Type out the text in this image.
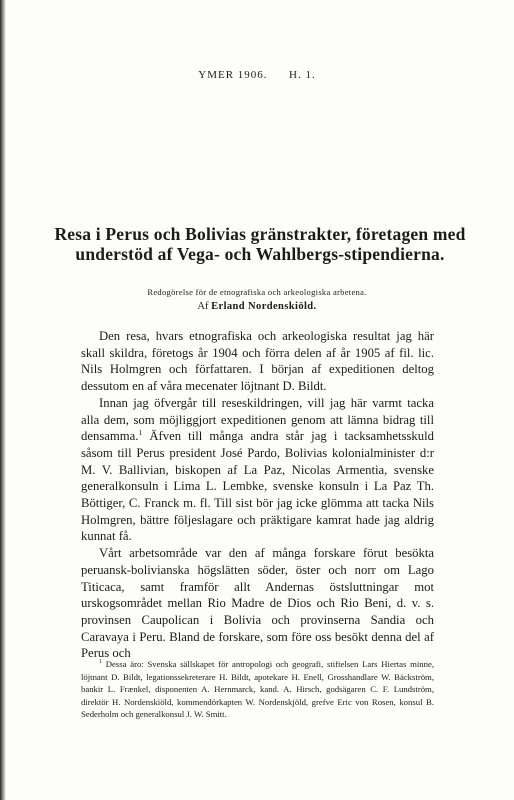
YMER 1906. H. 1.
Resa i Perus och Bolivias gränstrakter, företagen med understöd af Vega- och Wahlbergs-stipendierna.
Redogörelse för de etnografiska och arkeologiska arbetena.
Af Erland Nordenskiöld.

Den resa, hvars etnografiska och arkeologiska resultat jag här skall skildra, företogs år 1904 och förra delen af år 1905 af fil. lic. Nils Holmgren och författaren. I början af expeditionen deltog dessutom en af våra mecenater löjtnant D. Bildt.

Innan jag öfvergår till reseskildringen, vill jag här varmt tacka alla dem, som möjliggjort expeditionen genom att lämna bidrag till densamma.$^1$ Äfven till många andra står jag i tacksamhetsskuld såsom till Perus president José Pardo, Bolivias kolonialminister d:r M. V. Ballivian, biskopen af La Paz, Nicolas Armentia, svenske generalkonsuln i Lima L. Lembke, svenske konsuln i La Paz Th. Böttiger, C. Franck m. fl. Till sist bör jag icke glömma att tacka Nils Holmgren, bättre följeslagare och präktigare kamrat hade jag aldrig kunnat få.

Vårt arbetsområde var den af många forskare förut besökta peruansk-bolivianska högslätten söder, öster och norr om Lago Titicaca, samt framför allt Andernas östsluttningar mot urskogsområdet mellan Rio Madre de Dios och Rio Beni, d. v. s. provinsen Caupolican i Bolivia och provinserna Sandia och Caravaya i Peru. Bland de forskare, som före oss besökt denna del af Perus och

$^1$ Dessa äro: Svenska sällskapet för antropologi och geografi, stiftelsen Lars Hiertas minne, löjtnant D. Bildt, legationssekreterare H. Bildt, apotekare H. Enell, Grosshandlare W. Bäckström, bankir L. Frænkel, disponenten A. Hernmarck, kand. A. Hirsch, godsägaren C. F. Lundström, direktör H. Nordenskiöld, kommendörkapten W. Nordenskjöld, grefve Eric von Rosen, konsul B. Sederholm och generalkonsul J. W. Smitt.
